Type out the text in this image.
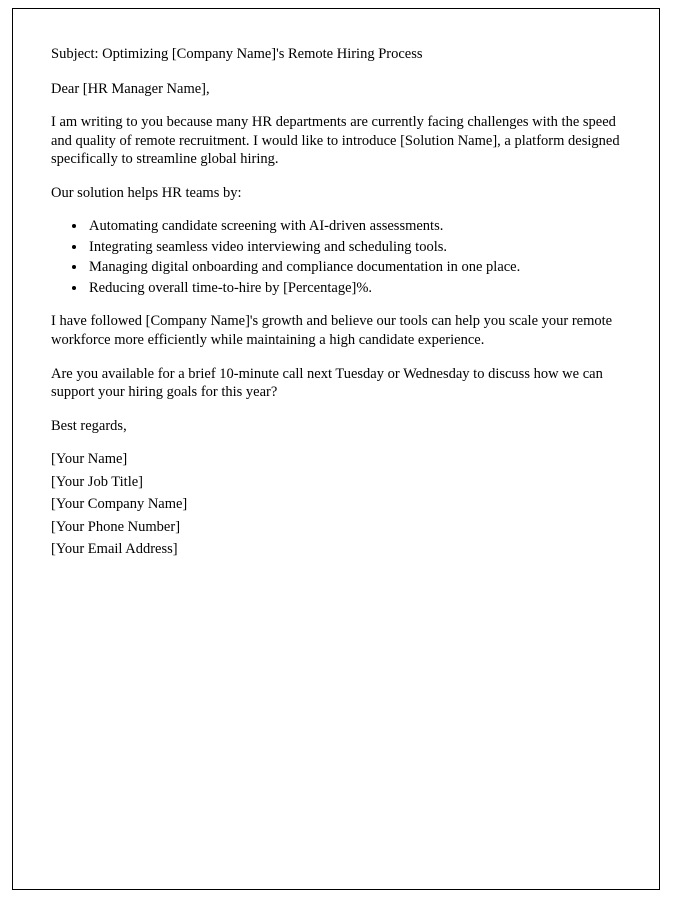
Subject: Optimizing [Company Name]'s Remote Hiring Process

Dear [HR Manager Name],

I am writing to you because many HR departments are currently facing challenges with the speed and quality of remote recruitment. I would like to introduce [Solution Name], a platform designed specifically to streamline global hiring.

Our solution helps HR teams by:

• Automating candidate screening with AI-driven assessments.
• Integrating seamless video interviewing and scheduling tools.
• Managing digital onboarding and compliance documentation in one place.
• Reducing overall time-to-hire by [Percentage]%.

I have followed [Company Name]'s growth and believe our tools can help you scale your remote workforce more efficiently while maintaining a high candidate experience.

Are you available for a brief 10-minute call next Tuesday or Wednesday to discuss how we can support your hiring goals for this year?

Best regards,

[Your Name]
[Your Job Title]
[Your Company Name]
[Your Phone Number]
[Your Email Address]
